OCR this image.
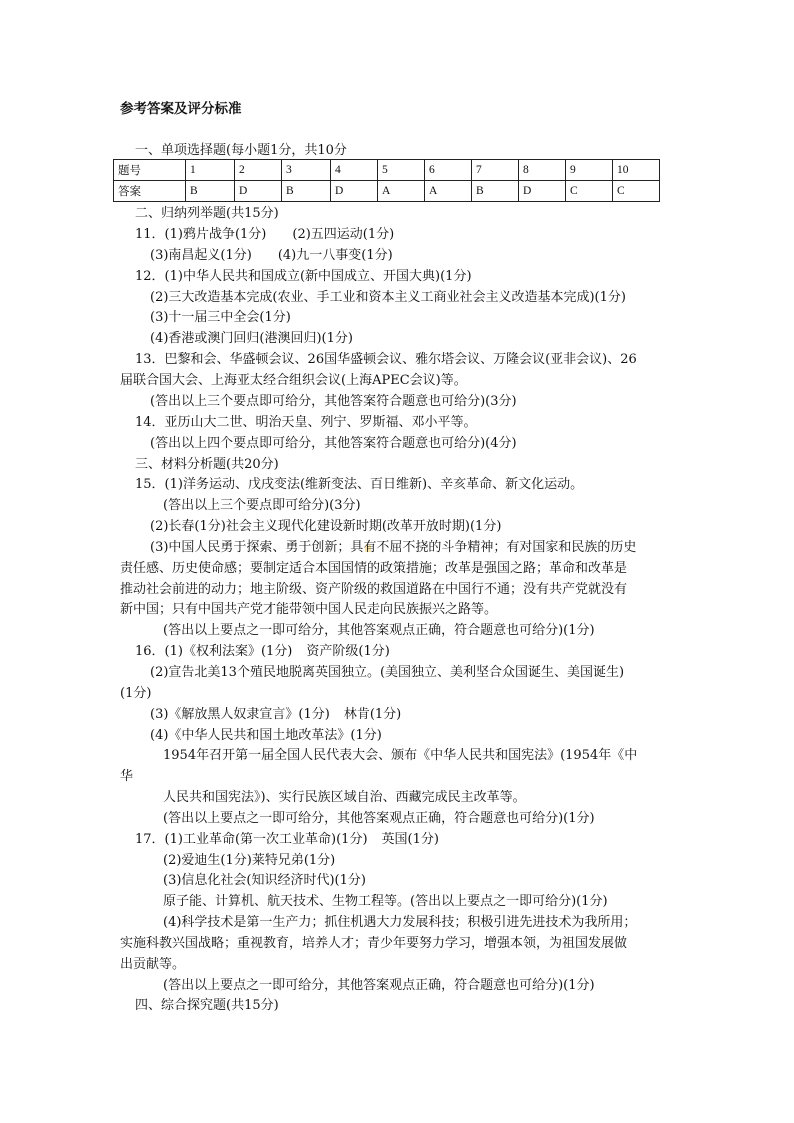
参考答案及评分标准
一、单项选择题(每小题1分，共10分
题号	1	2	3	4	5	6	7	8	9	10
答案	B	D	B	D	A	A	B	D	C	C
二、归纳列举题(共15分)
11．(1)鸦片战争(1分) (2)五四运动(1分)
(3)南昌起义(1分) (4)九一八事变(1分)
12．(1)中华人民共和国成立(新中国成立、开国大典)(1分)
(2)三大改造基本完成(农业、手工业和资本主义工商业社会主义改造基本完成)(1分)
(3)十一届三中全会(1分)
(4)香港或澳门回归(港澳回归)(1分)
13．巴黎和会、华盛顿会议、26国华盛顿会议、雅尔塔会议、万隆会议(亚非会议)、26
届联合国大会、上海亚太经合组织会议(上海APEC会议)等。
(答出以上三个要点即可给分，其他答案符合题意也可给分)(3分)
14．亚历山大二世、明治天皇、列宁、罗斯福、邓小平等。
(答出以上四个要点即可给分，其他答案符合题意也可给分)(4分)
三、材料分析题(共20分)
15．(1)洋务运动、戊戌变法(维新变法、百日维新)、辛亥革命、新文化运动。
(答出以上三个要点即可给分)(3分)
(2)长春(1分)社会主义现代化建设新时期(改革开放时期)(1分)
(3)中国人民勇于探索、勇于创新；具有不屈不挠的斗争精神；有对国家和民族的历史
责任感、历史使命感；要制定适合本国国情的政策措施；改革是强国之路；革命和改革是
推动社会前进的动力；地主阶级、资产阶级的救国道路在中国行不通；没有共产党就没有
新中国；只有中国共产党才能带领中国人民走向民族振兴之路等。
(答出以上要点之一即可给分，其他答案观点正确，符合题意也可给分)(1分)
16．(1)《权利法案》(1分) 资产阶级(1分)
(2)宣告北美13个殖民地脱离英国独立。(美国独立、美利坚合众国诞生、美国诞生)
(1分)
(3)《解放黑人奴隶宣言》(1分) 林肯(1分)
(4)《中华人民共和国土地改革法》(1分)
1954年召开第一届全国人民代表大会、颁布《中华人民共和国宪法》(1954年《中
华
人民共和国宪法》)、实行民族区域自治、西藏完成民主改革等。
(答出以上要点之一即可给分，其他答案观点正确，符合题意也可给分)(1分)
17．(1)工业革命(第一次工业革命)(1分) 英国(1分)
(2)爱迪生(1分)莱特兄弟(1分)
(3)信息化社会(知识经济时代)(1分)
原子能、计算机、航天技术、生物工程等。(答出以上要点之一即可给分)(1分)
(4)科学技术是第一生产力；抓住机遇大力发展科技；积极引进先进技术为我所用；
实施科教兴国战略；重视教育，培养人才；青少年要努力学习，增强本领，为祖国发展做
出贡献等。
(答出以上要点之一即可给分，其他答案观点正确，符合题意也可给分)(1分)
四、综合探究题(共15分)
